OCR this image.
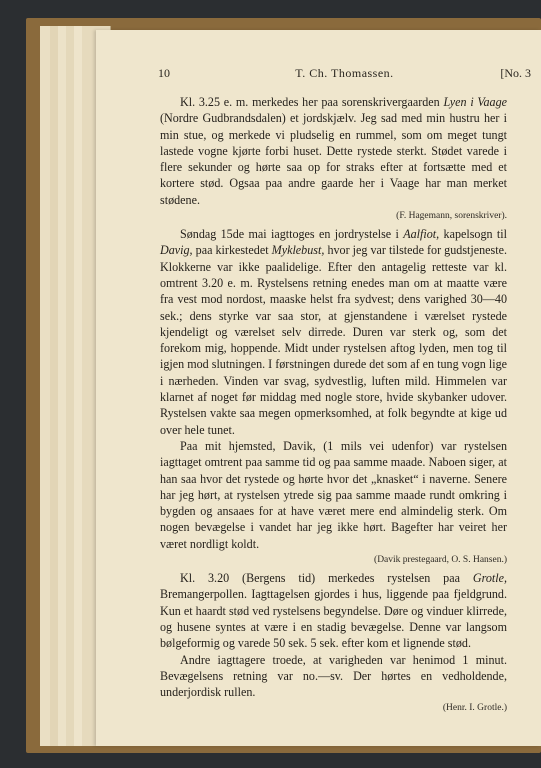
10	T. Ch. Thomassen.	[No. 3

Kl. 3.25 e. m. merkedes her paa sorenskrivergaarden Lyen i Vaage (Nordre Gudbrandsdalen) et jordskjælv. Jeg sad med min hustru her i min stue, og merkede vi pludselig en rummel, som om meget tungt lastede vogne kjørte forbi huset. Dette rystede sterkt. Stødet varede i flere sekunder og hørte saa op for straks efter at fortsætte med et kortere stød. Ogsaa paa andre gaarde her i Vaage har man merket stødene.

(F. Hagemann, sorenskriver).

Søndag 15de mai iagttoges en jordrystelse i Aalfiot, kapelsogn til Davig, paa kirkestedet Myklebust, hvor jeg var tilstede for gudstjeneste. Klokkerne var ikke paalidelige. Efter den antagelig retteste var kl. omtrent 3.20 e. m. Rystelsens retning enedes man om at maatte være fra vest mod nordost, maaske helst fra sydvest; dens varighed 30—40 sek.; dens styrke var saa stor, at gjenstandene i værelset rystede kjendeligt og værelset selv dirrede. Duren var sterk og, som det forekom mig, hoppende. Midt under rystelsen aftog lyden, men tog til igjen mod slutningen. I førstningen durede det som af en tung vogn lige i nærheden. Vinden var svag, sydvestlig, luften mild. Himmelen var klarnet af noget før middag med nogle store, hvide skybanker udover. Rystelsen vakte saa megen opmerksomhed, at folk begyndte at kige ud over hele tunet.

Paa mit hjemsted, Davik, (1 mils vei udenfor) var rystelsen iagttaget omtrent paa samme tid og paa samme maade. Naboen siger, at han saa hvor det rystede og hørte hvor det „knasket“ i naverne. Senere har jeg hørt, at rystelsen ytrede sig paa samme maade rundt omkring i bygden og ansaaes for at have været mere end almindelig sterk. Om nogen bevægelse i vandet har jeg ikke hørt. Bagefter har veiret her været nordligt koldt.

(Davik prestegaard, O. S. Hansen.)

Kl. 3.20 (Bergens tid) merkedes rystelsen paa Grotle, Bremangerpollen. Iagttagelsen gjordes i hus, liggende paa fjeldgrund. Kun et haardt stød ved rystelsens begyndelse. Døre og vinduer klirrede, og husene syntes at være i en stadig bevægelse. Denne var langsom bølgeformig og varede 50 sek. 5 sek. efter kom et lignende stød.

Andre iagttagere troede, at varigheden var henimod 1 minut. Bevægelsens retning var no.—sv. Der hørtes en vedholdende, underjordisk rullen.

(Henr. I. Grotle.)
